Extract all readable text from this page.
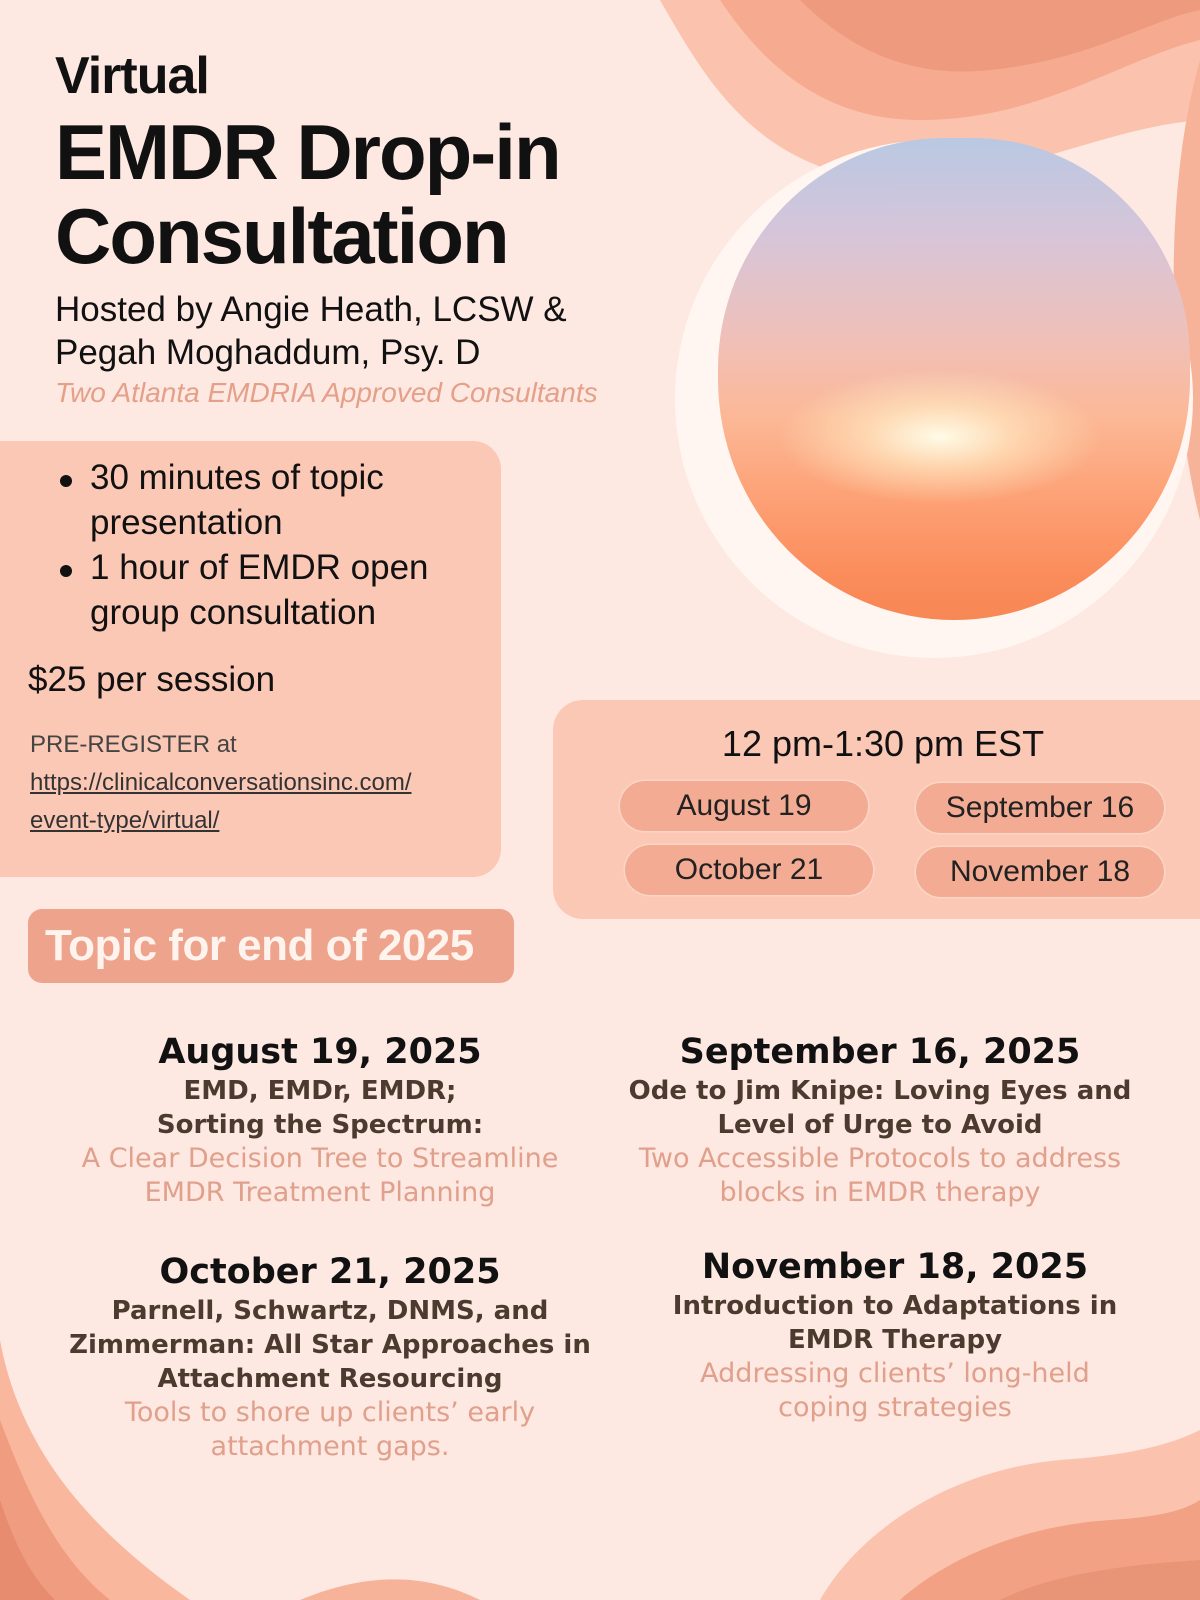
Virtual
EMDR Drop-in
Consultation
Hosted by Angie Heath, LCSW &
Pegah Moghaddum, Psy. D
Two Atlanta EMDRIA Approved Consultants
30 minutes of topic presentation
1 hour of EMDR open group consultation
$25 per session
PRE-REGISTER at
https://clinicalconversationsinc.com/
event-type/virtual/
12 pm-1:30 pm EST
August 19	September 16
October 21	November 18
Topic for end of 2025
August 19, 2025
EMD, EMDr, EMDR;
Sorting the Spectrum:
A Clear Decision Tree to Streamline
EMDR Treatment Planning
September 16, 2025
Ode to Jim Knipe: Loving Eyes and
Level of Urge to Avoid
Two Accessible Protocols to address
blocks in EMDR therapy
October 21, 2025
Parnell, Schwartz, DNMS, and
Zimmerman: All Star Approaches in
Attachment Resourcing
Tools to shore up clients’ early
attachment gaps.
November 18, 2025
Introduction to Adaptations in
EMDR Therapy
Addressing clients’ long-held
coping strategies
